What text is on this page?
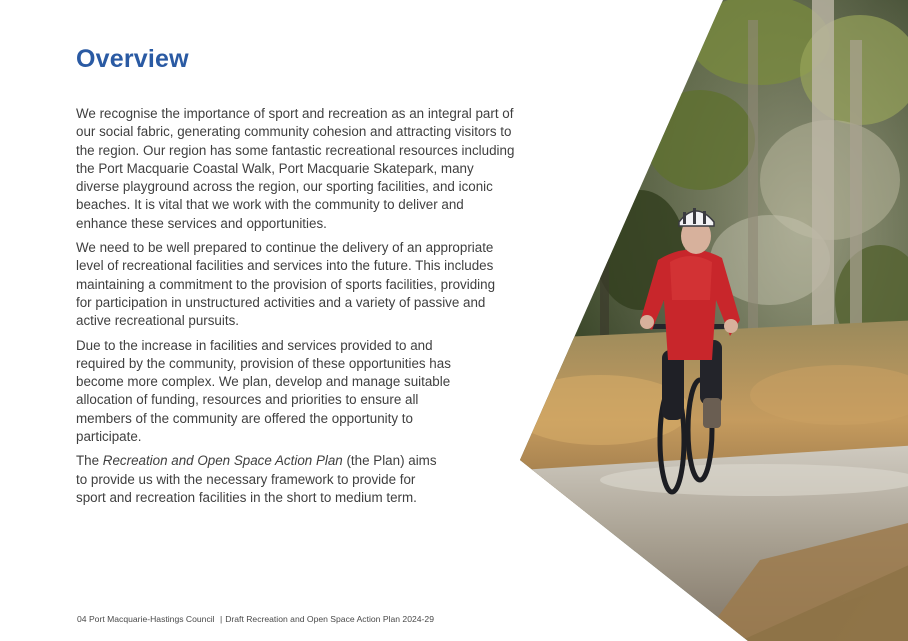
Overview

We recognise the importance of sport and recreation as an integral part of our social fabric, generating community cohesion and attracting visitors to the region. Our region has some fantastic recreational resources including the Port Macquarie Coastal Walk, Port Macquarie Skatepark, many diverse playground across the region, our sporting facilities, and iconic beaches. It is vital that we work with the community to deliver and enhance these services and opportunities.

We need to be well prepared to continue the delivery of an appropriate level of recreational facilities and services into the future. This includes maintaining a commitment to the provision of sports facilities, providing for participation in unstructured activities and a variety of passive and active recreational pursuits.

Due to the increase in facilities and services provided to and required by the community, provision of these opportunities has become more complex. We plan, develop and manage suitable allocation of funding, resources and priorities to ensure all members of the community are offered the opportunity to participate.

The Recreation and Open Space Action Plan (the Plan) aims to provide us with the necessary framework to provide for sport and recreation facilities in the short to medium term.

04 Port Macquarie-Hastings Council | Draft Recreation and Open Space Action Plan 2024-29
